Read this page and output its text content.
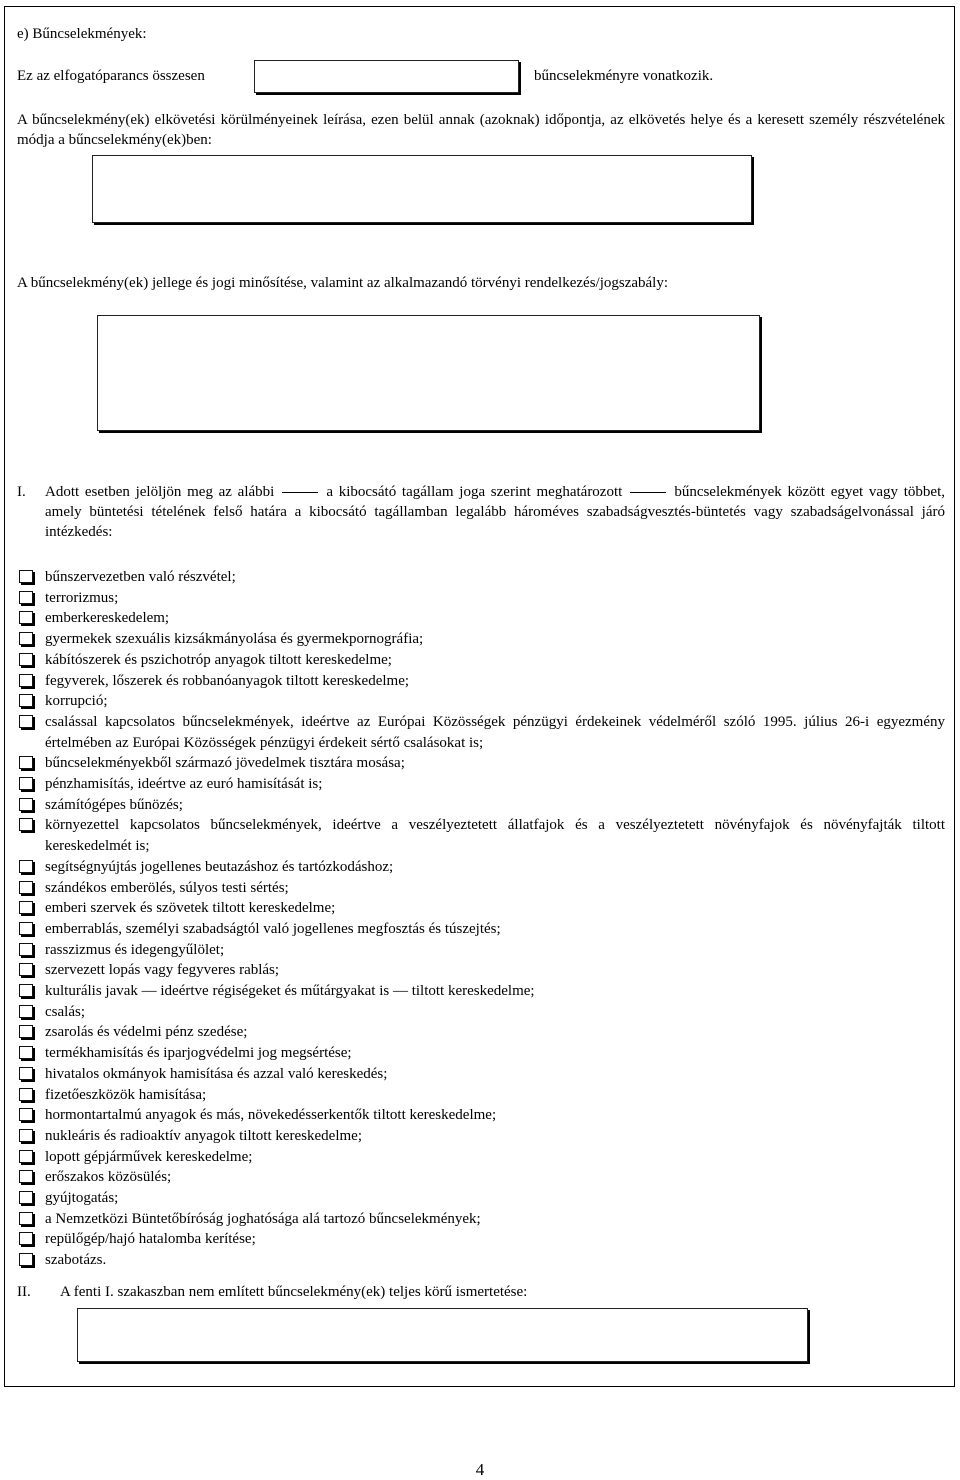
e) Bűncselekmények:
Ez az elfogatóparancs összesen	bűncselekményre vonatkozik.
A bűncselekmény(ek) elkövetési körülményeinek leírása, ezen belül annak (azoknak) időpontja, az elkövetés helye és a keresett személy részvételének módja a bűncselekmény(ek)ben:
A bűncselekmény(ek) jellege és jogi minősítése, valamint az alkalmazandó törvényi rendelkezés/jogszabály:
I. Adott esetben jelöljön meg az alábbi	a kibocsátó tagállam joga szerint meghatározott	bűncselekmények között egyet vagy többet, amely büntetési tételének felső határa a kibocsátó tagállamban legalább hároméves szabadságvesztés-büntetés vagy szabadságelvonással járó intézkedés:
bűnszervezetben való részvétel;
terrorizmus;
emberkereskedelem;
gyermekek szexuális kizsákmányolása és gyermekpornográfia;
kábítószerek és pszichotróp anyagok tiltott kereskedelme;
fegyverek, lőszerek és robbanóanyagok tiltott kereskedelme;
korrupció;
csalással kapcsolatos bűncselekmények, ideértve az Európai Közösségek pénzügyi érdekeinek védelméről szóló 1995. július 26-i egyezmény értelmében az Európai Közösségek pénzügyi érdekeit sértő csalásokat is;
bűncselekményekből származó jövedelmek tisztára mosása;
pénzhamisítás, ideértve az euró hamisítását is;
számítógépes bűnözés;
környezettel kapcsolatos bűncselekmények, ideértve a veszélyeztetett állatfajok és a veszélyeztetett növényfajok és növényfajták tiltott kereskedelmét is;
segítségnyújtás jogellenes beutazáshoz és tartózkodáshoz;
szándékos emberölés, súlyos testi sértés;
emberi szervek és szövetek tiltott kereskedelme;
emberrablás, személyi szabadságtól való jogellenes megfosztás és túszejtés;
rasszizmus és idegengyűlölet;
szervezett lopás vagy fegyveres rablás;
kulturális javak — ideértve régiségeket és műtárgyakat is — tiltott kereskedelme;
csalás;
zsarolás és védelmi pénz szedése;
termékhamisítás és iparjogvédelmi jog megsértése;
hivatalos okmányok hamisítása és azzal való kereskedés;
fizetőeszközök hamisítása;
hormontartalmú anyagok és más, növekedésserkentők tiltott kereskedelme;
nukleáris és radioaktív anyagok tiltott kereskedelme;
lopott gépjárművek kereskedelme;
erőszakos közösülés;
gyújtogatás;
a Nemzetközi Büntetőbíróság joghatósága alá tartozó bűncselekmények;
repülőgép/hajó hatalomba kerítése;
szabotázs.
II. A fenti I. szakaszban nem említett bűncselekmény(ek) teljes körű ismertetése:
4
